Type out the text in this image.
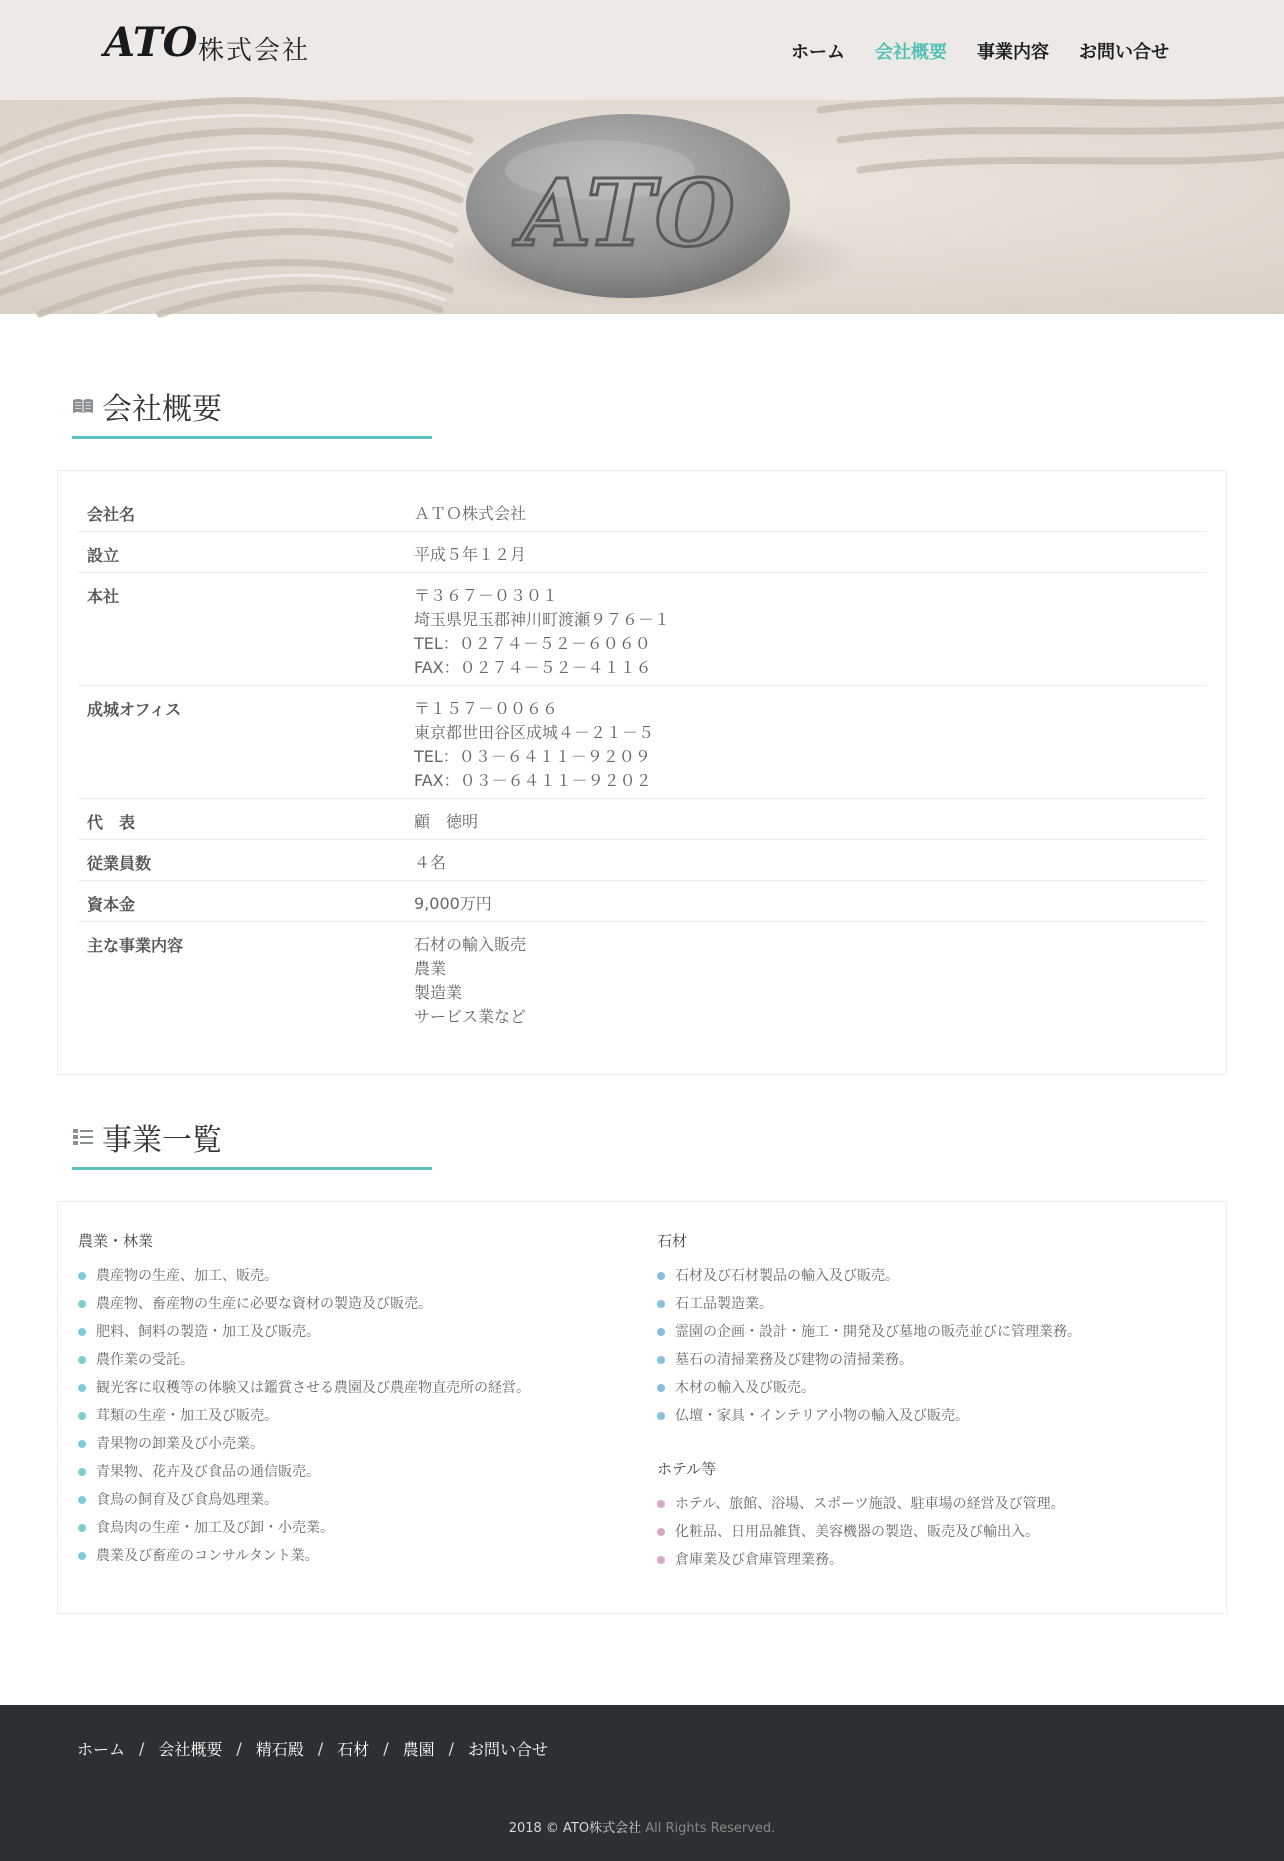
ATO 株式会社	ホーム 会社概要 事業内容 お問い合せ
ATO
会社概要
会社名	ＡＴＯ株式会社
設立	平成５年１２月
本社	〒３６７－０３０１
埼玉県児玉郡神川町渡瀬９７６－１
TEL：０２７４－５２－６０６０
FAX：０２７４－５２－４１１６
成城オフィス	〒１５７－００６６
東京都世田谷区成城４－２１－５
TEL：０３－６４１１－９２０９
FAX：０３－６４１１－９２０２
代　表	顧　徳明
従業員数	４名
資本金	9,000万円
主な事業内容	石材の輸入販売
農業
製造業
サービス業など
事業一覧
農業・林業
農産物の生産、加工、販売。
農産物、畜産物の生産に必要な資材の製造及び販売。
肥料、飼料の製造・加工及び販売。
農作業の受託。
観光客に収穫等の体験又は鑑賞させる農園及び農産物直売所の経営。
茸類の生産・加工及び販売。
青果物の卸業及び小売業。
青果物、花卉及び食品の通信販売。
食鳥の飼育及び食鳥処理業。
食鳥肉の生産・加工及び卸・小売業。
農業及び畜産のコンサルタント業。
石材
石材及び石材製品の輸入及び販売。
石工品製造業。
霊園の企画・設計・施工・開発及び墓地の販売並びに管理業務。
墓石の清掃業務及び建物の清掃業務。
木材の輸入及び販売。
仏壇・家具・インテリア小物の輸入及び販売。
ホテル等
ホテル、旅館、浴場、スポーツ施設、駐車場の経営及び管理。
化粧品、日用品雑貨、美容機器の製造、販売及び輸出入。
倉庫業及び倉庫管理業務。
ホーム / 会社概要 / 精石殿 / 石材 / 農園 / お問い合せ
2018 © ATO株式会社 All Rights Reserved.
